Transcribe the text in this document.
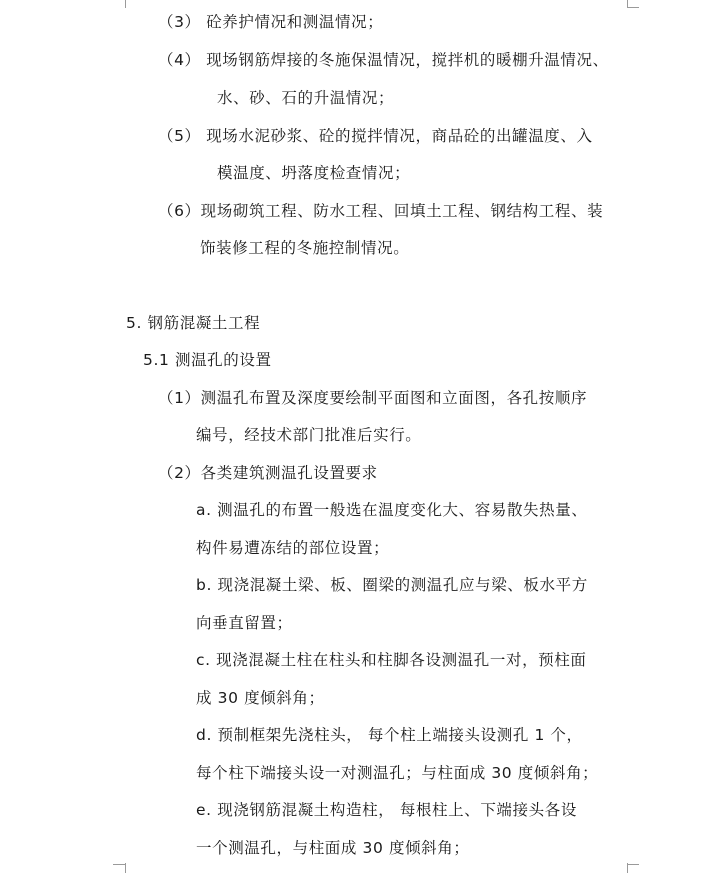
（3） 砼养护情况和测温情况；
（4） 现场钢筋焊接的冬施保温情况，搅拌机的暖棚升温情况、
水、砂、石的升温情况；
（5） 现场水泥砂浆、砼的搅拌情况，商品砼的出罐温度、入
模温度、坍落度检查情况；
（6）现场砌筑工程、防水工程、回填土工程、钢结构工程、装
饰装修工程的冬施控制情况。
5. 钢筋混凝土工程
5.1 测温孔的设置
（1）测温孔布置及深度要绘制平面图和立面图，各孔按顺序
编号，经技术部门批准后实行。
（2）各类建筑测温孔设置要求
a. 测温孔的布置一般选在温度变化大、容易散失热量、
构件易遭冻结的部位设置；
b. 现浇混凝土梁、板、圈梁的测温孔应与梁、板水平方
向垂直留置；
c. 现浇混凝土柱在柱头和柱脚各设测温孔一对，预柱面
成 30 度倾斜角；
d. 预制框架先浇柱头， 每个柱上端接头设测孔 1 个，
每个柱下端接头设一对测温孔；与柱面成 30 度倾斜角；
e. 现浇钢筋混凝土构造柱， 每根柱上、下端接头各设
一个测温孔，与柱面成 30 度倾斜角；
